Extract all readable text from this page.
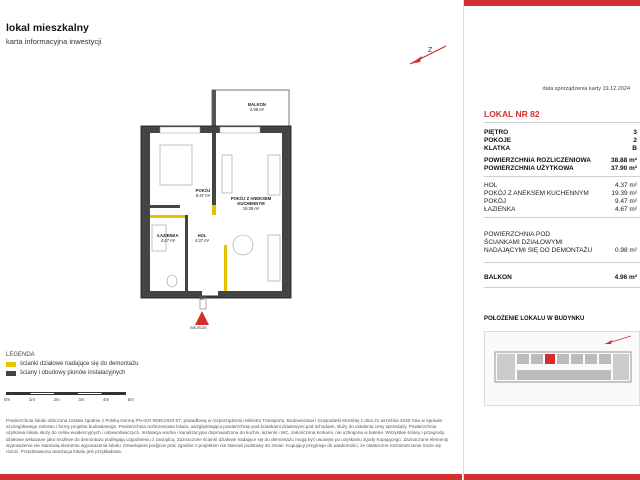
lokal mieszkalny
karta informacyjna inwestycji
Z
BALKON
4.96 m²
POKÓJ
9.47 m²
POKÓJ Z ANEKSEM KUCHENNYM
19.39 m²
HOL
4.37 m²
ŁAZIENKA
4.67 m²
WEJŚCIE
BL
LEGENDA
ścianki działowe nadające się do demontażu
ściany i obudowy pionów instalacyjnych
0m	1m	2m	3m	4m	5m
Powierzchnia lokalu obliczona została zgodnie z Polską Normą PN-ISO 9836:2022-07, prawidłową w rozporządzeniu Ministra Transportu, Budownictwa i Gospodarki Morskiej z dnia 21 września 2020 roku w sprawie szczegółowego zakresu i formy projektu budowlanego. Powierzchnia rozliczeniowa lokalu, uwzględniająca powierzchnię pod ściankami działowymi pod schodami, służy do ustalenia ceny sprzedaży. Powierzchnia użytkowa lokalu służy do celów ewidencyjnych i ustawodawczych. Instalacja wodna i kanalizacyjna doprowadzona do kuchni, łazienki i WC, zakończona korkami, nie uzbrojona w baterie. Wszystkie ściany i przegrody działowe wskazane jako możliwe do demontażu podlegają uzgodnieniu z zarządcą. Zaznaczone ścianki działowe nadające się do demontażu mogą być usunięte po uzyskaniu zgody Kupującego. Zaznaczone elementy wyposażenia nie stanowią elementu wyposażenia lokalu. Dewelopera podjęcie prac zgodnie z projektem nie stanowi podstawy do zmian. Kupujący przyjmuje do wiadomości, że ostateczne rozmieszczenie może się różnić. Przedstawiona aranżacja lokalu jest przykładowa.
data sporządzenia karty 19.12.2024
LOKAL NR 82
PIĘTRO	3
POKOJE	2
KLATKA	B
POWIERZCHNIA ROZLICZENIOWA	38.88 m²
POWIERZCHNIA UŻYTKOWA	37.90 m²
HOL	4.37 m²
POKÓJ Z ANEKSEM KUCHENNYM	19.39 m²
POKÓJ	9.47 m²
ŁAZIENKA	4.67 m²
POWIERZCHNIA POD
ŚCIANKAMI DZIAŁOWYMI
NADAJĄCYMI SIĘ DO DEMONTAŻU	0.98 m²
BALKON	4.96 m²
POŁOŻENIE LOKALU W BUDYNKU
